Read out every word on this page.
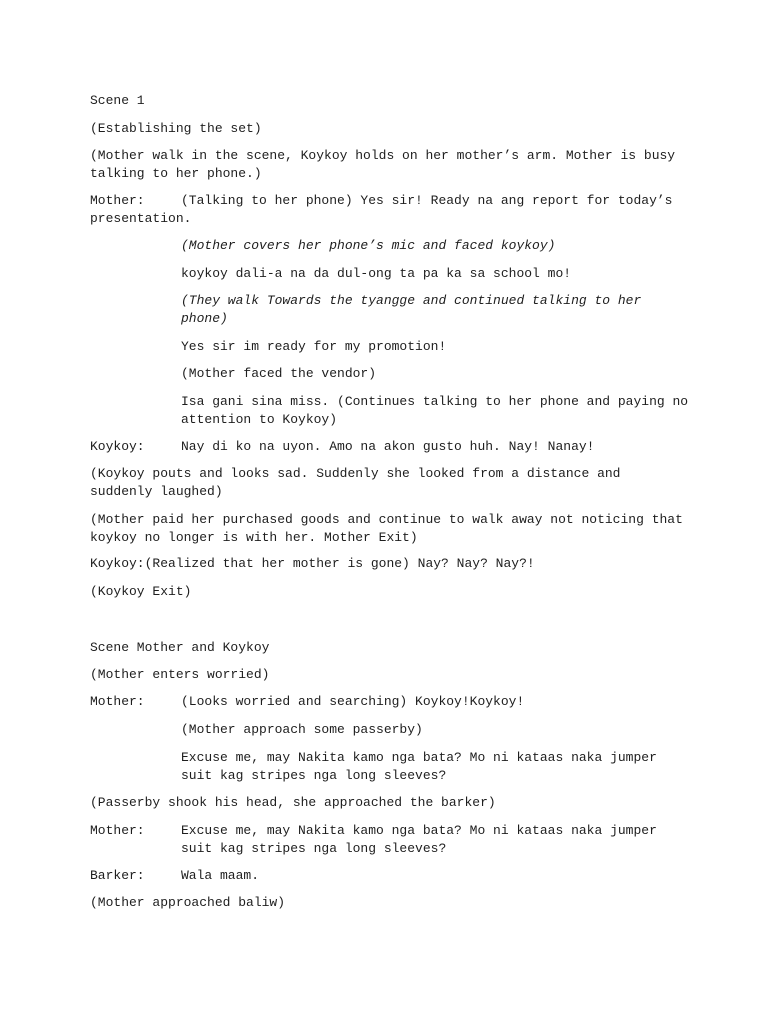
Scene 1

(Establishing the set)

(Mother walk in the scene, Koykoy holds on her mother’s arm. Mother is busy talking to her phone.)

Mother:	(Talking to her phone) Yes sir! Ready na ang report for today’s presentation.

(Mother covers her phone’s mic and faced koykoy)

koykoy dali-a na da dul-ong ta pa ka sa school mo!

(They walk Towards the tyangge and continued talking to her phone)

Yes sir im ready for my promotion!

(Mother faced the vendor)

Isa gani sina miss. (Continues talking to her phone and paying no attention to Koykoy)

Koykoy:	Nay di ko na uyon. Amo na akon gusto huh. Nay! Nanay!

(Koykoy pouts and looks sad. Suddenly she looked from a distance and suddenly laughed)

(Mother paid her purchased goods and continue to walk away not noticing that koykoy no longer is with her. Mother Exit)

Koykoy:(Realized that her mother is gone) Nay? Nay? Nay?!

(Koykoy Exit)

Scene Mother and Koykoy

(Mother enters worried)

Mother:	(Looks worried and searching) Koykoy!Koykoy!

(Mother approach some passerby)

Excuse me, may Nakita kamo nga bata? Mo ni kataas naka jumper suit kag stripes nga long sleeves?

(Passerby shook his head, she approached the barker)

Mother:	Excuse me, may Nakita kamo nga bata? Mo ni kataas naka jumper suit kag stripes nga long sleeves?

Barker:	Wala maam.

(Mother approached baliw)
